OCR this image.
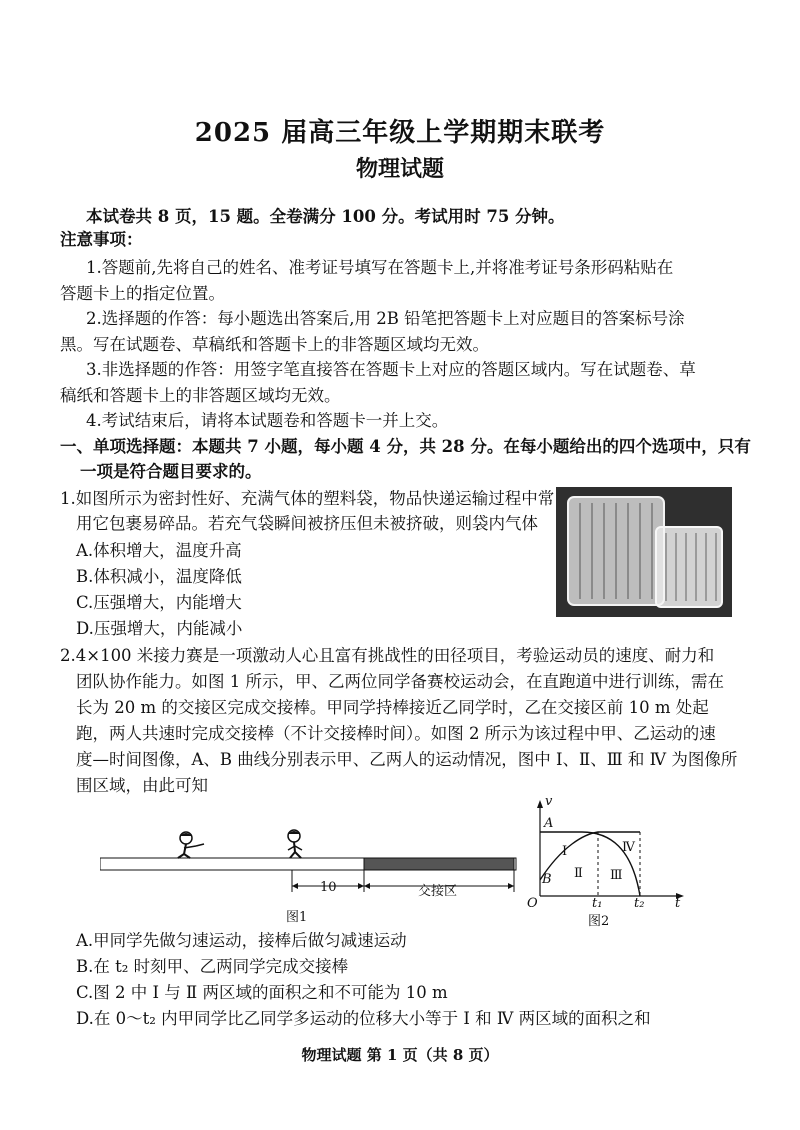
2025 届高三年级上学期期末联考
物理试题
本试卷共 8 页，15 题。全卷满分 100 分。考试用时 75 分钟。
注意事项：
1.答题前,先将自己的姓名、准考证号填写在答题卡上,并将准考证号条形码粘贴在
答题卡上的指定位置。
2.选择题的作答：每小题选出答案后,用 2B 铅笔把答题卡上对应题目的答案标号涂
黑。写在试题卷、草稿纸和答题卡上的非答题区域均无效。
3.非选择题的作答：用签字笔直接答在答题卡上对应的答题区域内。写在试题卷、草
稿纸和答题卡上的非答题区域均无效。
4.考试结束后，请将本试题卷和答题卡一并上交。
一、单项选择题：本题共 7 小题，每小题 4 分，共 28 分。在每小题给出的四个选项中，只有
一项是符合题目要求的。
1.如图所示为密封性好、充满气体的塑料袋，物品快递运输过程中常
用它包裹易碎品。若充气袋瞬间被挤压但未被挤破，则袋内气体
A.体积增大，温度升高
B.体积减小，温度降低
C.压强增大，内能增大
D.压强增大，内能减小
2.4×100 米接力赛是一项激动人心且富有挑战性的田径项目，考验运动员的速度、耐力和
团队协作能力。如图 1 所示，甲、乙两位同学备赛校运动会，在直跑道中进行训练，需在
长为 20 m 的交接区完成交接棒。甲同学持棒接近乙同学时，乙在交接区前 10 m 处起
跑，两人共速时完成交接棒（不计交接棒时间）。如图 2 所示为该过程中甲、乙运动的速
度—时间图像，A、B 曲线分别表示甲、乙两人的运动情况，图中 Ⅰ、Ⅱ、Ⅲ 和 Ⅳ 为图像所
围区域，由此可知
10	交接区
图1
v
t
O
A
B
Ⅰ
Ⅱ Ⅲ
Ⅳ
t₁ t₂
图2
A.甲同学先做匀速运动，接棒后做匀减速运动
B.在 t₂ 时刻甲、乙两同学完成交接棒
C.图 2 中 Ⅰ 与 Ⅱ 两区域的面积之和不可能为 10 m
D.在 0～t₂ 内甲同学比乙同学多运动的位移大小等于 Ⅰ 和 Ⅳ 两区域的面积之和
物理试题 第 1 页（共 8 页）
